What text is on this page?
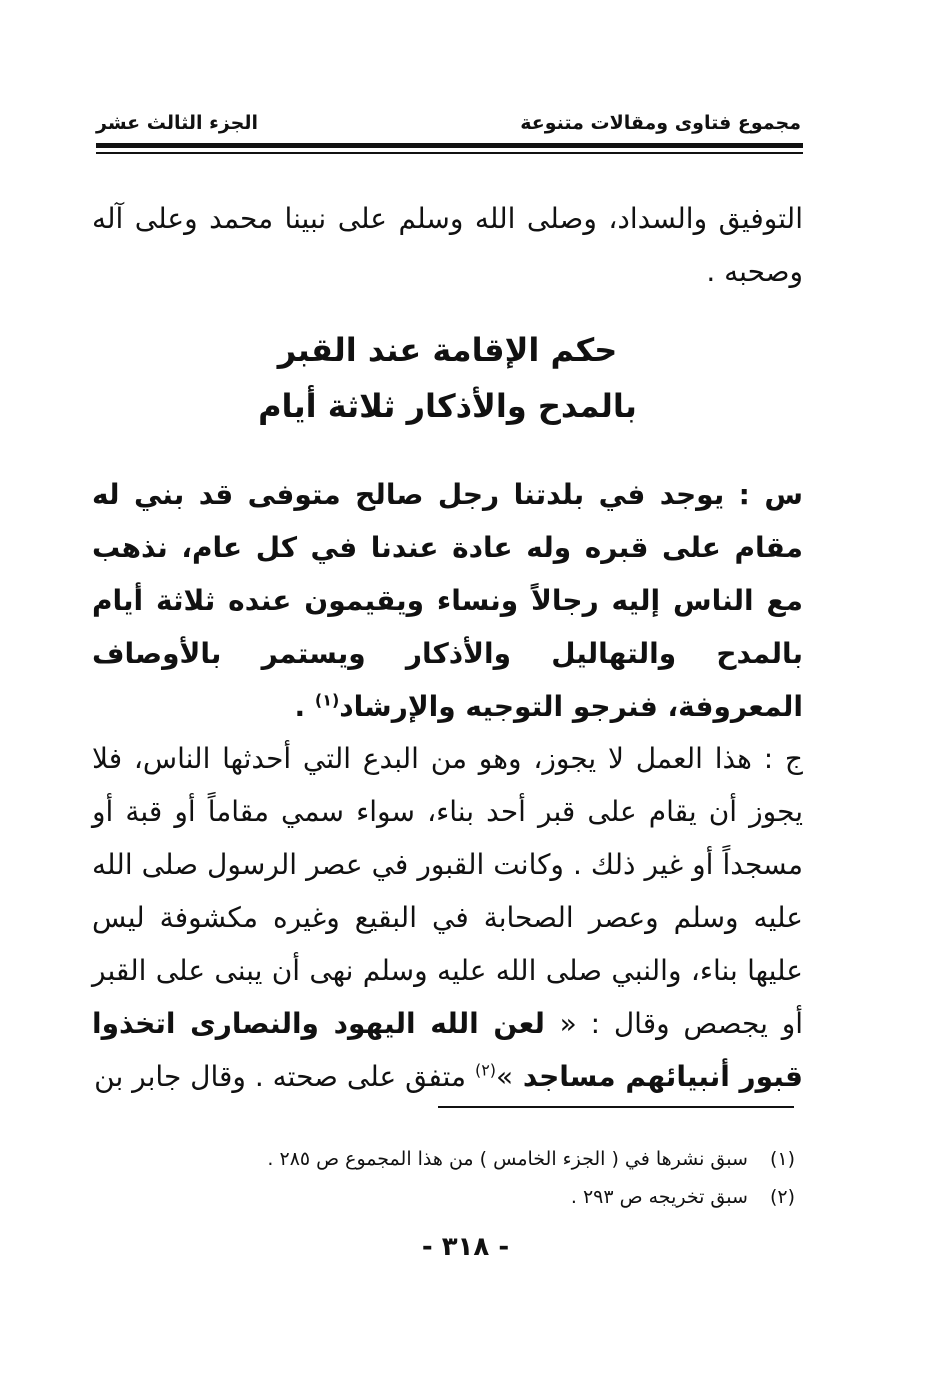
مجموع فتاوى ومقالات متنوعة
الجزء الثالث عشر
التوفيق والسداد، وصلى الله وسلم على نبينا محمد وعلى آله وصحبه .
حكم الإقامة عند القبر
بالمدح والأذكار ثلاثة أيام
س : يوجد في بلدتنا رجل صالح متوفى قد بني له مقام على قبره وله عادة عندنا في كل عام، نذهب مع الناس إليه رجالاً ونساء ويقيمون عنده ثلاثة أيام بالمدح والتهاليل والأذكار ويستمر بالأوصاف المعروفة، فنرجو التوجيه والإرشاد$^{(١)}$ .
ج : هذا العمل لا يجوز، وهو من البدع التي أحدثها الناس، فلا يجوز أن يقام على قبر أحد بناء، سواء سمي مقاماً أو قبة أو مسجداً أو غير ذلك . وكانت القبور في عصر الرسول صلى الله عليه وسلم وعصر الصحابة في البقيع وغيره مكشوفة ليس عليها بناء، والنبي صلى الله عليه وسلم نهى أن يبنى على القبر أو يجصص وقال : « لعن الله اليهود والنصارى اتخذوا قبور أنبيائهم مساجد »$^{(٢)}$ متفق على صحته . وقال جابر بن
(١)
سبق نشرها في ( الجزء الخامس ) من هذا المجموع ص ٢٨٥ .
(٢)
سبق تخريجه ص ٢٩٣ .
- ٣١٨ -
